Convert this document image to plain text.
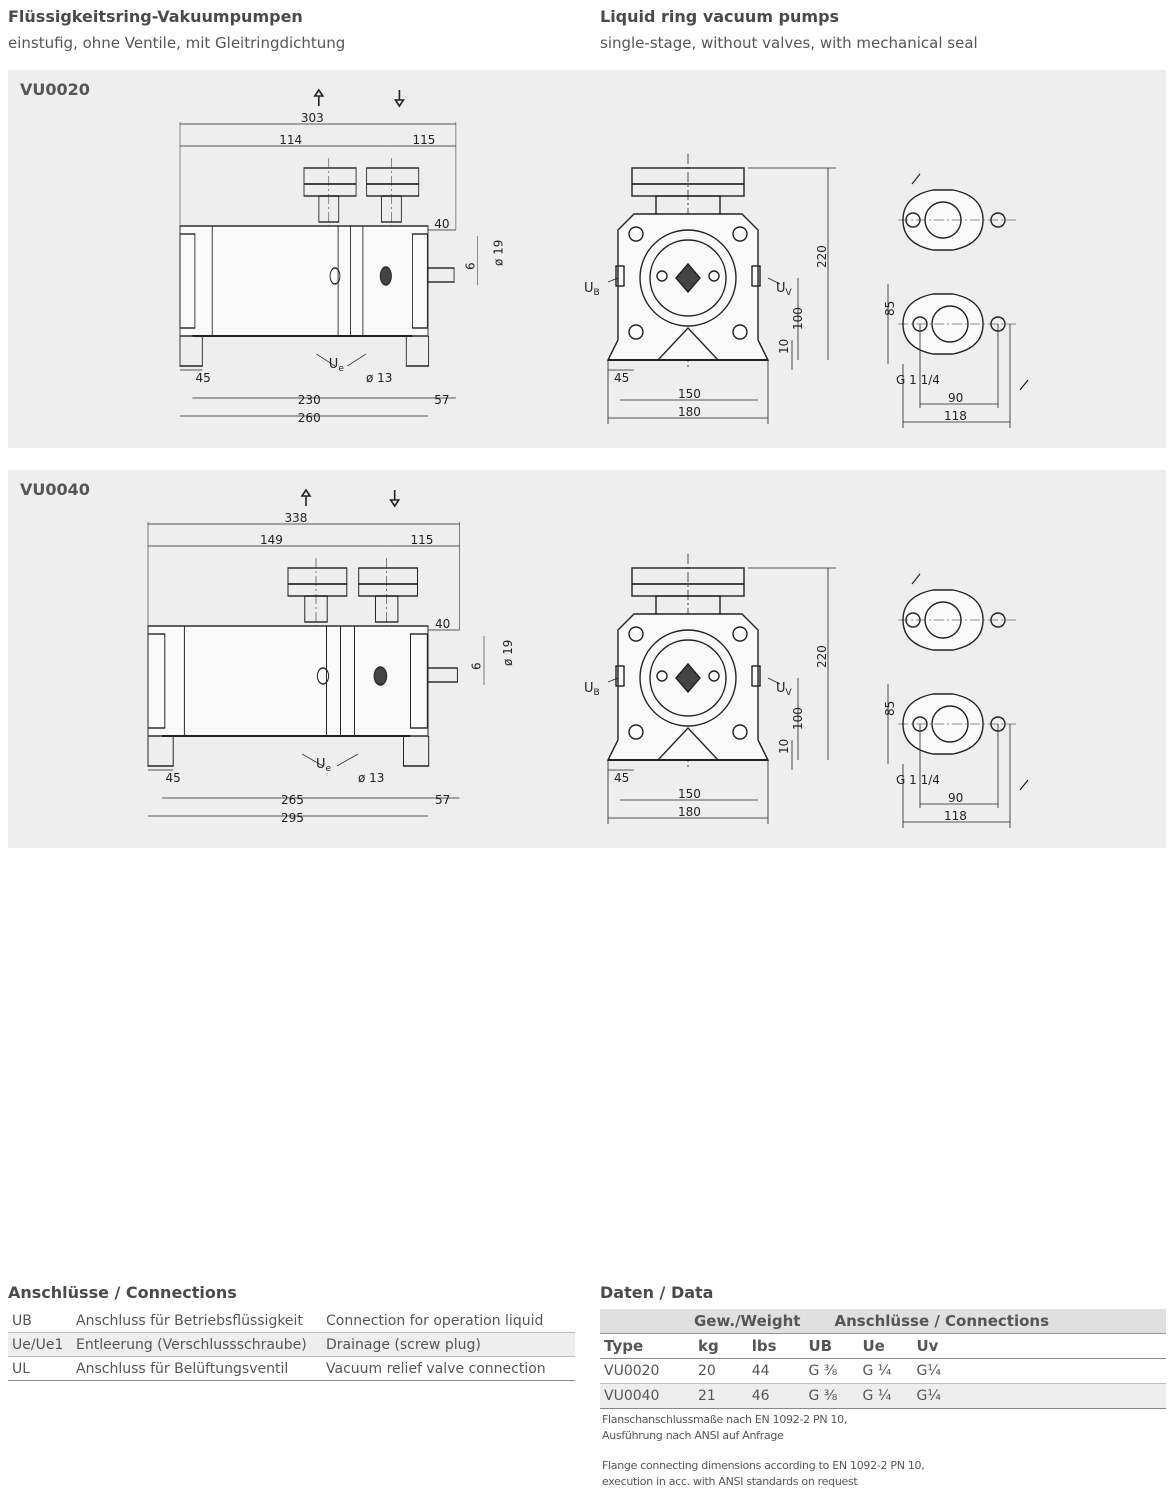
Flüssigkeitsring-Vakuumpumpen
einstufig, ohne Ventile, mit Gleitringdichtung
Liquid ring vacuum pumps
single-stage, without valves, with mechanical seal
VU0020
303
114	115
40
6
ø 19
45	ø 13
230
260
57
$U_e$
220
100
10
45
150
180
$U_B$	$U_V$
85
G 1 1/4
90
118
VU0040
338
149	115
40
6
ø 19
45	ø 13
265
295
57
$U_e$
220
100
10
45
150
180
$U_B$	$U_V$
85
G 1 1/4
90
118
Anschlüsse / Connections
UB	Anschluss für Betriebsflüssigkeit	Connection for operation liquid
Ue/Ue1	Entleerung (Verschlussschraube)	Drainage (screw plug)
UL	Anschluss für Belüftungsventil	Vacuum relief valve connection
Daten / Data
	Gew./Weight		Anschlüsse / Connections			
Type	kg	lbs	UB	Ue	Uv	
VU0020	20	44	G ⅜	G ¼	G¼	
VU0040	21	46	G ⅜	G ¼	G¼	

Flanschanschlussmaße nach EN 1092-2 PN 10,
Ausführung nach ANSI auf Anfrage

Flange connecting dimensions according to EN 1092-2 PN 10,
execution in acc. with ANSI standards on request
